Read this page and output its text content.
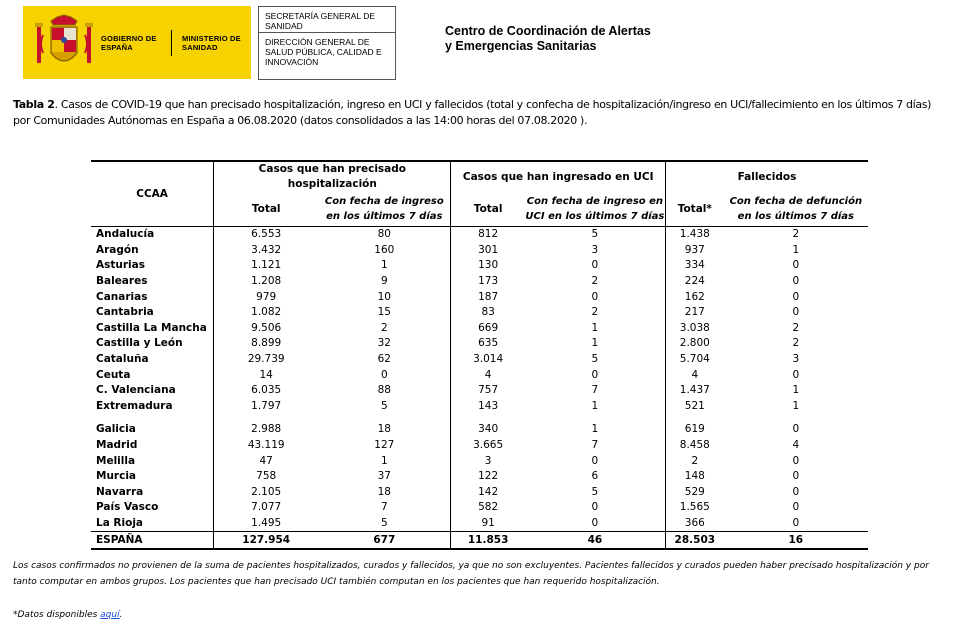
GOBIERNO DE ESPAÑA
MINISTERIO DE SANIDAD
SECRETARÍA GENERAL DE SANIDAD
DIRECCIÓN GENERAL DE SALUD PÚBLICA, CALIDAD E INNOVACIÓN
Centro de Coordinación de Alertas y Emergencias Sanitarias
Tabla 2. Casos de COVID-19 que han precisado hospitalización, ingreso en UCI y fallecidos (total y confecha de hospitalización/ingreso en UCI/fallecimiento en los últimos 7 días) por Comunidades Autónomas en España a 06.08.2020 (datos consolidados a las 14:00 horas del 07.08.2020 ).
CCAA	Casos que han precisado hospitalización		Casos que han ingresado en UCI		Fallecidos	
	Total	Con fecha de ingreso en los últimos 7 días	Total	Con fecha de ingreso en UCI en los últimos 7 días	Total*	Con fecha de defunción en los últimos 7 días
Andalucía	6.553	80	812	5	1.438	2
Aragón	3.432	160	301	3	937	1
Asturias	1.121	1	130	0	334	0
Baleares	1.208	9	173	2	224	0
Canarias	979	10	187	0	162	0
Cantabria	1.082	15	83	2	217	0
Castilla La Mancha	9.506	2	669	1	3.038	2
Castilla y León	8.899	32	635	1	2.800	2
Cataluña	29.739	62	3.014	5	5.704	3
Ceuta	14	0	4	0	4	0
C. Valenciana	6.035	88	757	7	1.437	1
Extremadura	1.797	5	143	1	521	1

Galicia	2.988	18	340	1	619	0
Madrid	43.119	127	3.665	7	8.458	4
Melilla	47	1	3	0	2	0
Murcia	758	37	122	6	148	0
Navarra	2.105	18	142	5	529	0
País Vasco	7.077	7	582	0	1.565	0
La Rioja	1.495	5	91	0	366	0
ESPAÑA	127.954	677	11.853	46	28.503	16
Los casos confirmados no provienen de la suma de pacientes hospitalizados, curados y fallecidos, ya que no son excluyentes. Pacientes fallecidos y curados pueden haber precisado hospitalización y por tanto computar en ambos grupos. Los pacientes que han precisado UCI también computan en los pacientes que han requerido hospitalización.
*Datos disponibles aquí.
